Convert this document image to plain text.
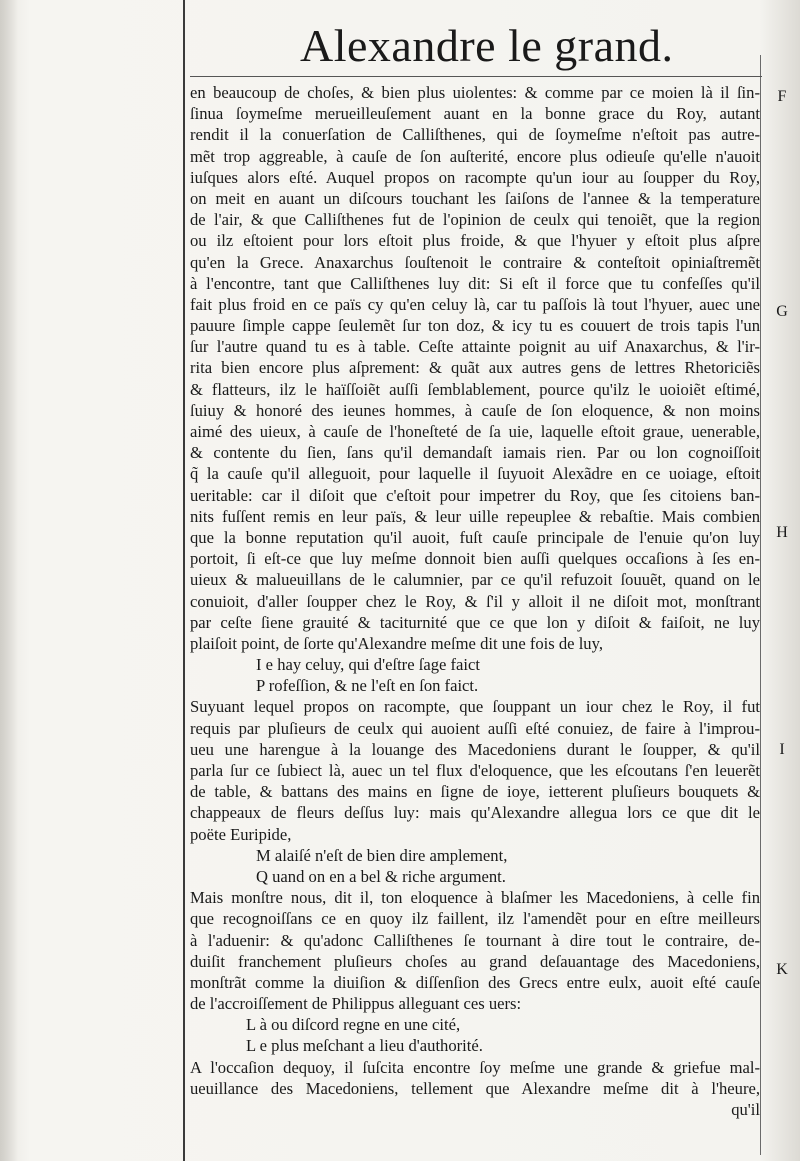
Alexandre le grand.
en beaucoup de choſes, & bien plus uiolentes: & comme par ce moien là il ſin-
ſinua ſoymeſme merueilleuſement auant en la bonne grace du Roy, autant
rendit il la conuerſation de Calliſthenes, qui de ſoymeſme n'eſtoit pas autre-
mẽt trop aggreable, à cauſe de ſon auſterité, encore plus odieuſe qu'elle n'auoit
iuſques alors eſté. Auquel propos on racompte qu'un iour au ſoupper du Roy,
on meit en auant un diſcours touchant les ſaiſons de l'annee & la temperature
de l'air, & que Calliſthenes fut de l'opinion de ceulx qui tenoiẽt, que la region
ou ilz eſtoient pour lors eſtoit plus froide, & que l'hyuer y eſtoit plus aſpre
qu'en la Grece. Anaxarchus ſouſtenoit le contraire & conteſtoit opiniaſtremẽt
à l'encontre, tant que Calliſthenes luy dit: Si eſt il force que tu confeſſes qu'il
fait plus froid en ce païs cy qu'en celuy là, car tu paſſois là tout l'hyuer, auec une
pauure ſimple cappe ſeulemẽt ſur ton doz, & icy tu es couuert de trois tapis l'un
ſur l'autre quand tu es à table. Ceſte attainte poignit au uif Anaxarchus, & l'ir-
rita bien encore plus aſprement: & quãt aux autres gens de lettres Rhetoriciẽs
& flatteurs, ilz le haïſſoiẽt auſſi ſemblablement, pource qu'ilz le uoioiẽt eſtimé,
ſuiuy & honoré des ieunes hommes, à cauſe de ſon eloquence, & non moins
aimé des uieux, à cauſe de l'honeſteté de ſa uie, laquelle eſtoit graue, uenerable,
& contente du ſien, ſans qu'il demandaſt iamais rien. Par ou lon cognoiſſoit
q̃ la cauſe qu'il alleguoit, pour laquelle il ſuyuoit Alexãdre en ce uoiage, eſtoit
ueritable: car il diſoit que c'eſtoit pour impetrer du Roy, que ſes citoiens ban-
nits fuſſent remis en leur païs, & leur uille repeuplee & rebaſtie. Mais combien
que la bonne reputation qu'il auoit, fuſt cauſe principale de l'enuie qu'on luy
portoit, ſi eſt-ce que luy meſme donnoit bien auſſi quelques occaſions à ſes en-
uieux & malueuillans de le calumnier, par ce qu'il refuzoit ſouuẽt, quand on le
conuioit, d'aller ſoupper chez le Roy, & ſ'il y alloit il ne diſoit mot, monſtrant
par ceſte ſiene grauité & taciturnité que ce que lon y diſoit & faiſoit, ne luy
plaiſoit point, de ſorte qu'Alexandre meſme dit une fois de luy,
I e hay celuy, qui d'eſtre ſage faict
P rofeſſion, & ne l'eſt en ſon faict.
Suyuant lequel propos on racompte, que ſouppant un iour chez le Roy, il fut
requis par pluſieurs de ceulx qui auoient auſſi eſté conuiez, de faire à l'improu-
ueu une harengue à la louange des Macedoniens durant le ſoupper, & qu'il
parla ſur ce ſubiect là, auec un tel flux d'eloquence, que les eſcoutans ſ'en leuerẽt
de table, & battans des mains en ſigne de ioye, ietterent pluſieurs bouquets &
chappeaux de fleurs deſſus luy: mais qu'Alexandre allegua lors ce que dit le
poëte Euripide,
M alaiſé n'eſt de bien dire amplement,
Q uand on en a bel & riche argument.
Mais monſtre nous, dit il, ton eloquence à blaſmer les Macedoniens, à celle fin
que recognoiſſans ce en quoy ilz faillent, ilz l'amendẽt pour en eſtre meilleurs
à l'aduenir: & qu'adonc Calliſthenes ſe tournant à dire tout le contraire, de-
duiſit franchement pluſieurs choſes au grand deſauantage des Macedoniens,
monſtrãt comme la diuiſion & diſſenſion des Grecs entre eulx, auoit eſté cauſe
de l'accroiſſement de Philippus alleguant ces uers:
L à ou diſcord regne en une cité,
L e plus meſchant a lieu d'authorité.
A l'occaſion dequoy, il ſuſcita encontre ſoy meſme une grande & griefue mal-
ueuillance des Macedoniens, tellement que Alexandre meſme dit à l'heure,
qu'il
F
G
H
I
K
